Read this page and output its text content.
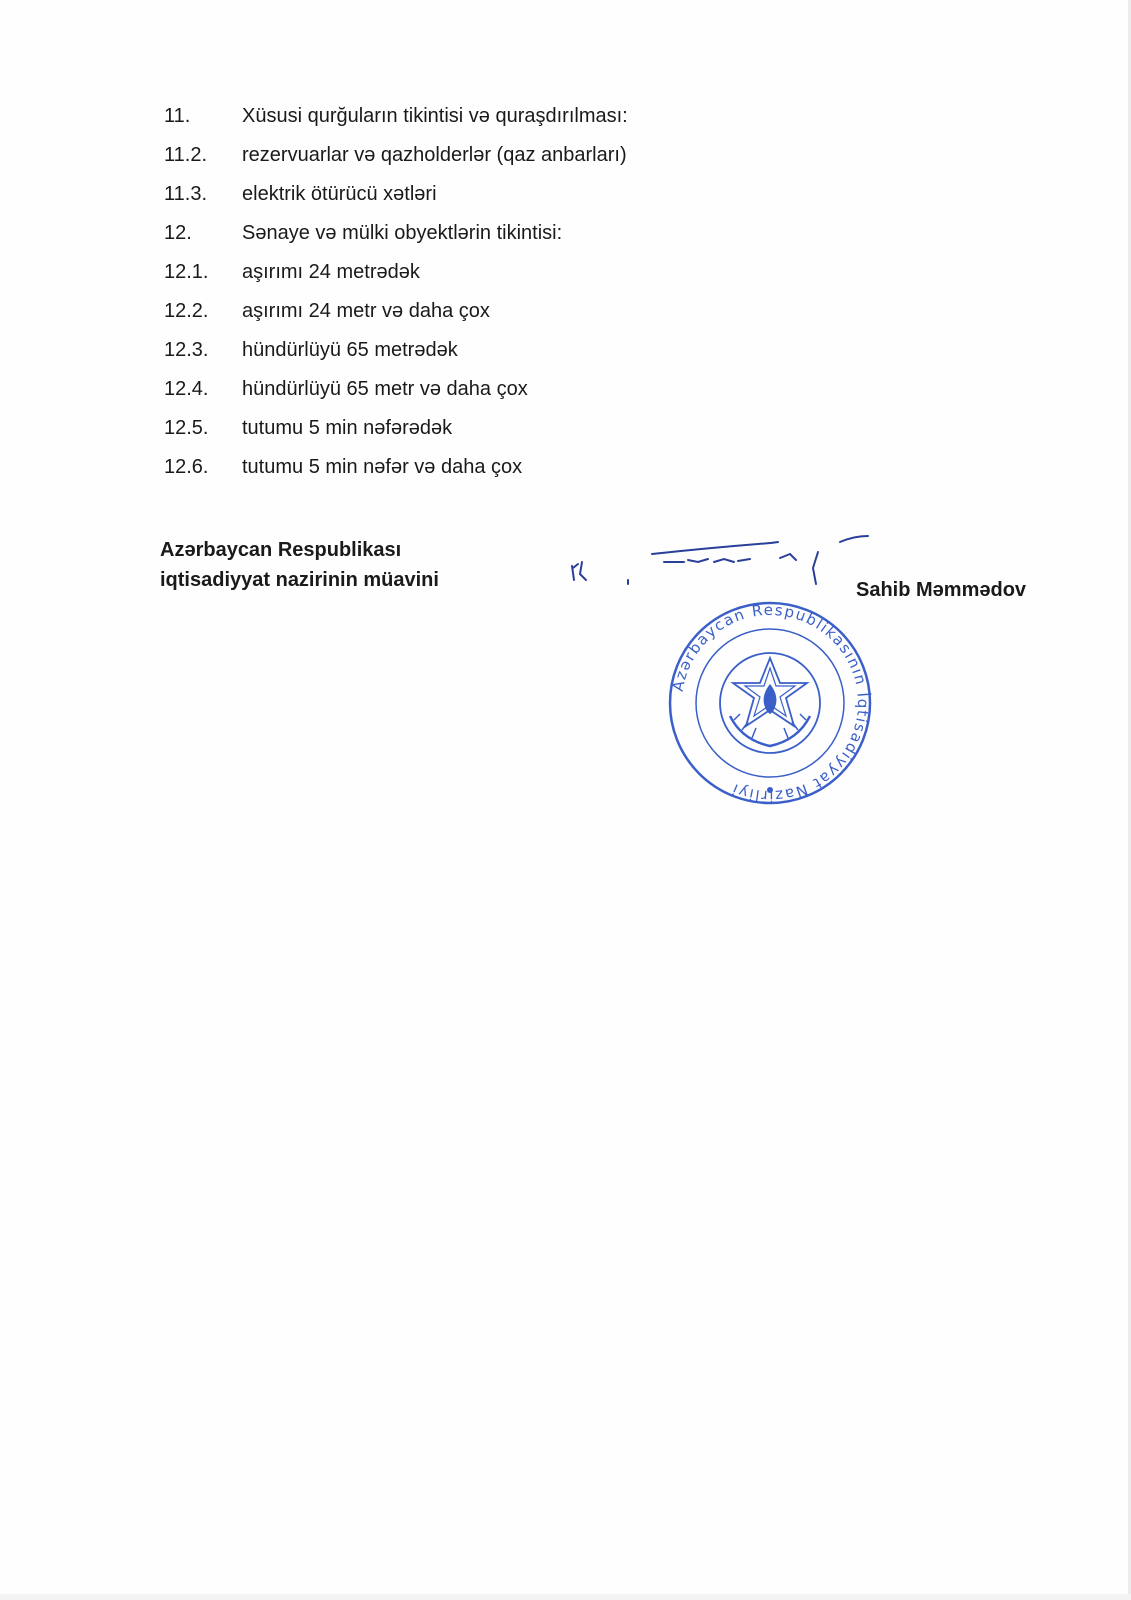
11.	Xüsusi qurğuların tikintisi və quraşdırılması:
11.2.	rezervuarlar və qazholderlər (qaz anbarları)
11.3.	elektrik ötürücü xətləri
12.	Sənaye və mülki obyektlərin tikintisi:
12.1.	aşırımı 24 metrədək
12.2.	aşırımı 24 metr və daha çox
12.3.	hündürlüyü 65 metrədək
12.4.	hündürlüyü 65 metr və daha çox
12.5.	tutumu 5 min nəfərədək
12.6.	tutumu 5 min nəfər və daha çox
Azərbaycan Respublikası
iqtisadiyyat nazirinin müavini	Sahib Məmmədov
Azərbaycan Respublikasının İqtisadiyyat Nazirliyi
